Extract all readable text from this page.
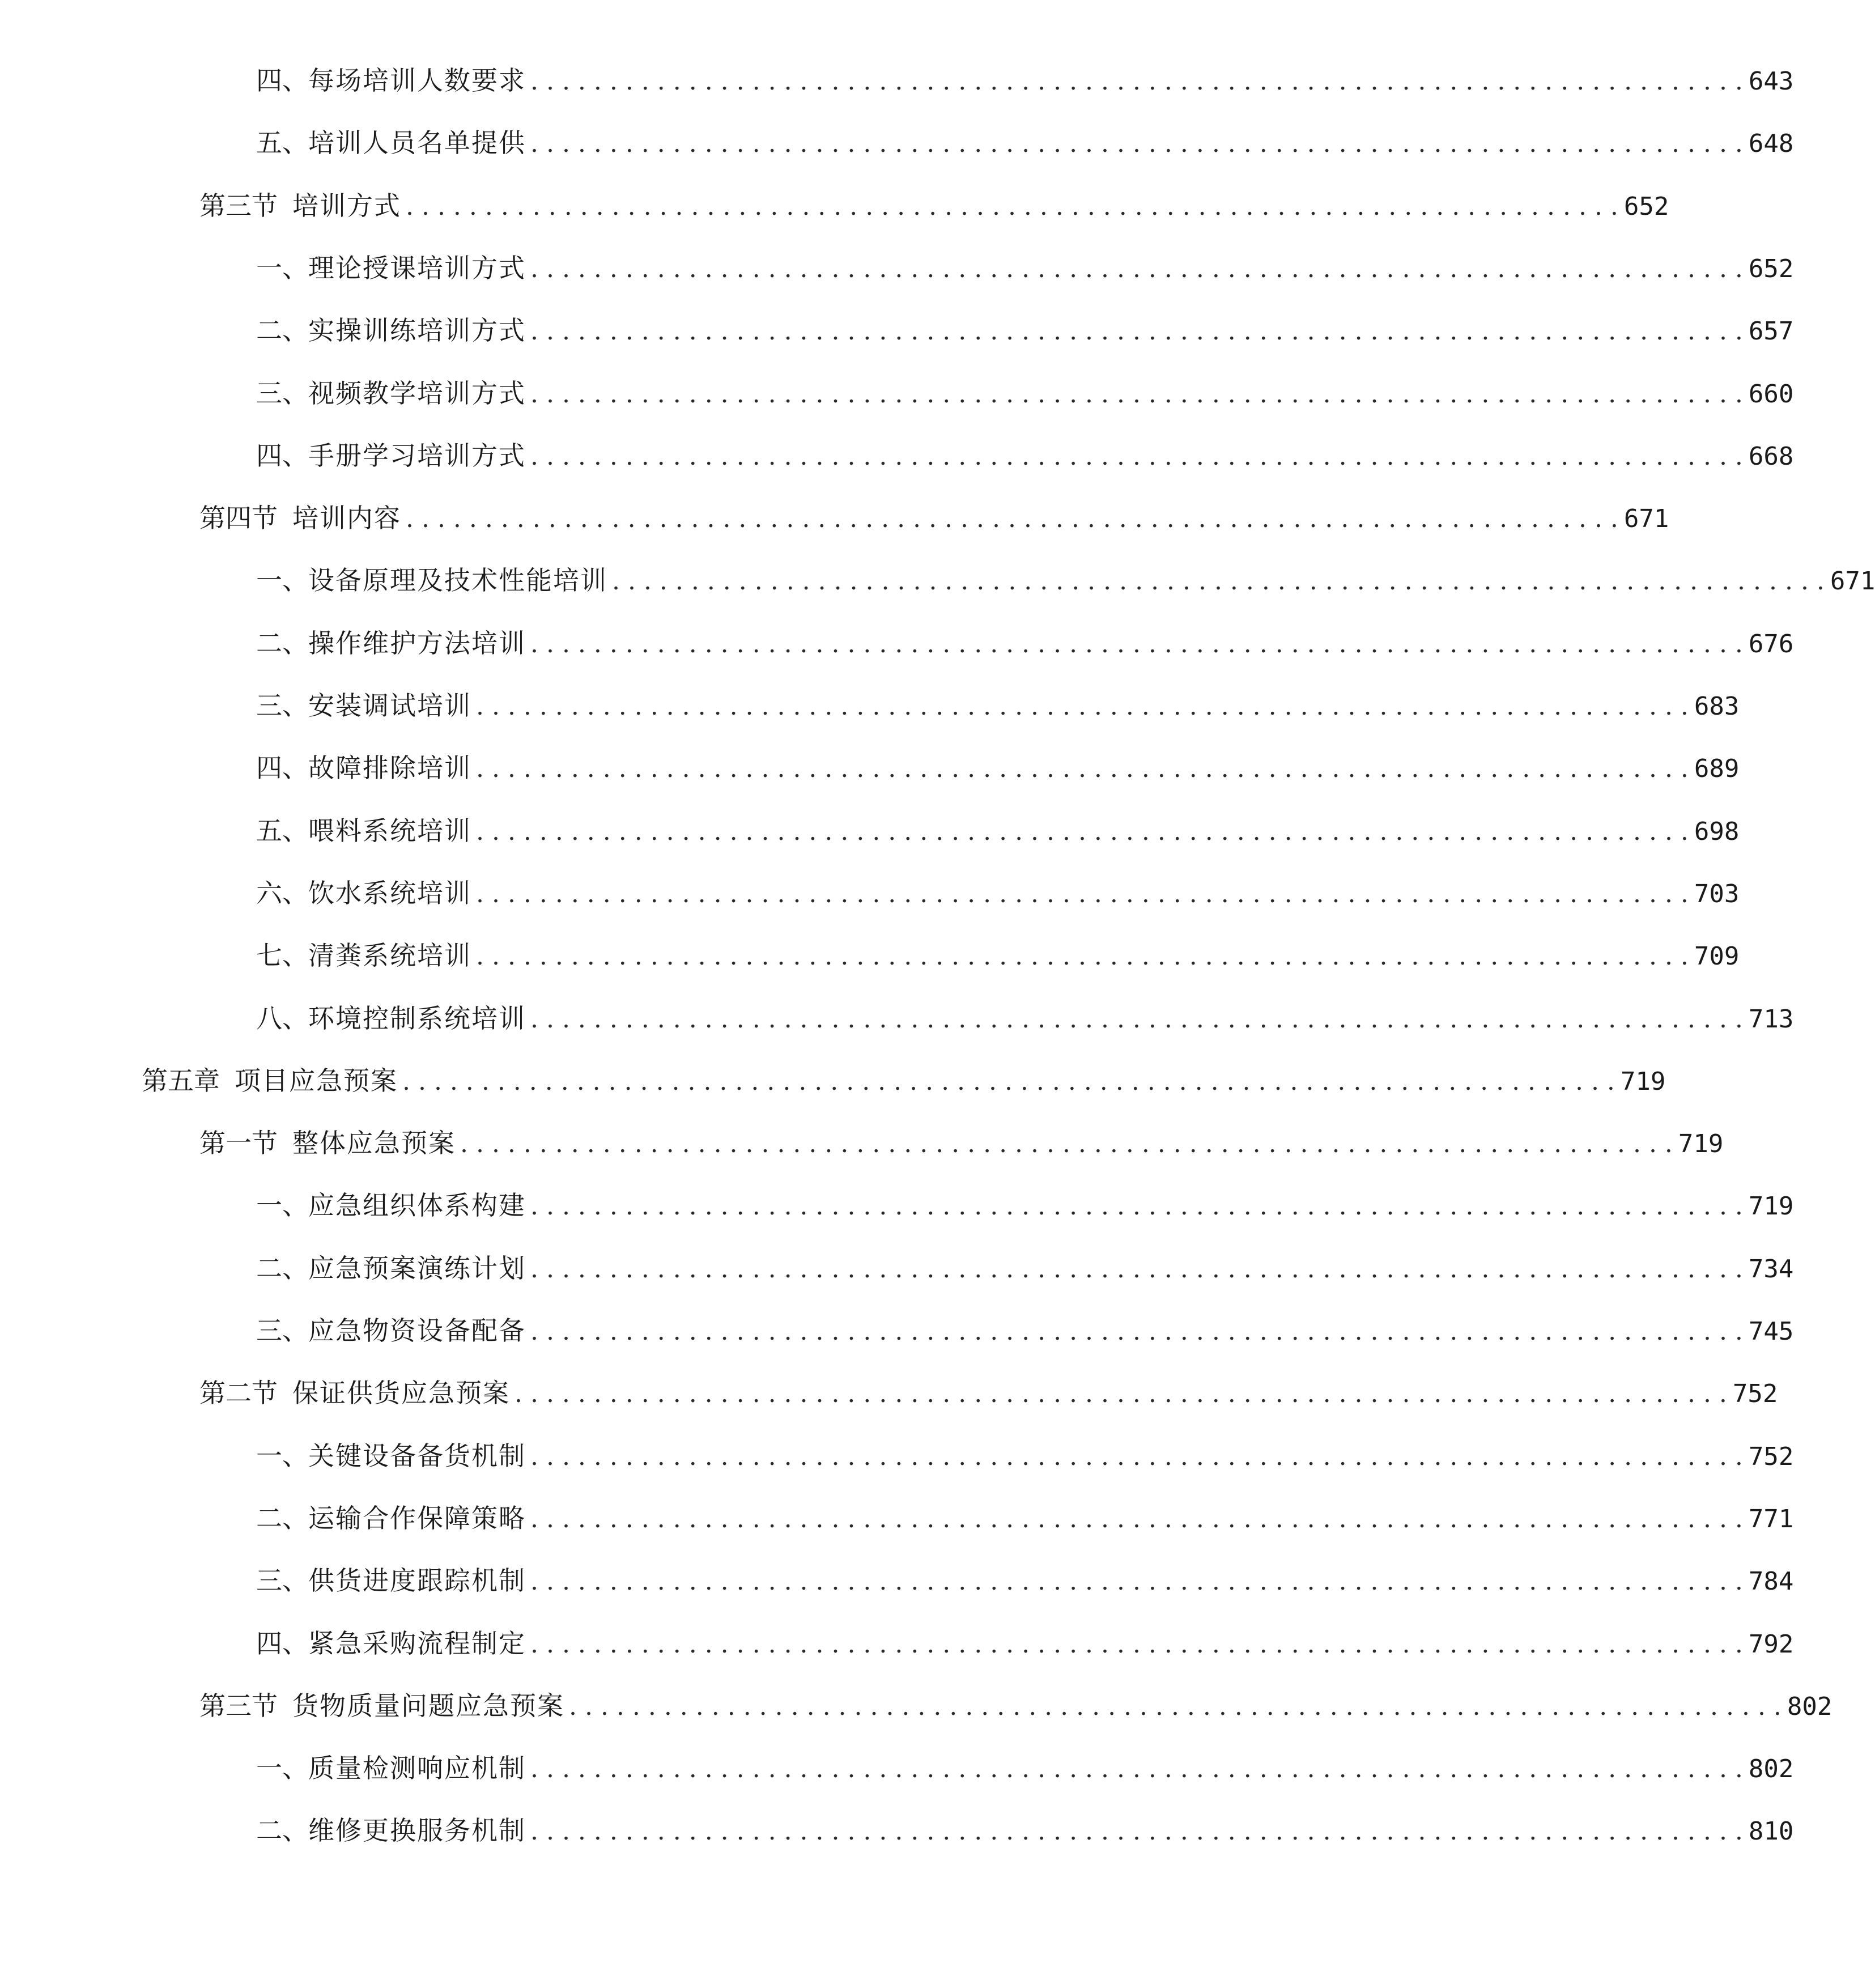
四、 每场培训人数要求 . . . . . . . . . . . . . . . . . . . . . . . . . . . . . . . . . . . . . . . . . . . . . . . . . . . . . . . . . . . . . . . . . . . . . . . . . . . . . 643
五、 培训人员名单提供 . . . . . . . . . . . . . . . . . . . . . . . . . . . . . . . . . . . . . . . . . . . . . . . . . . . . . . . . . . . . . . . . . . . . . . . . . . . . . 648
第三节 培训方式 . . . . . . . . . . . . . . . . . . . . . . . . . . . . . . . . . . . . . . . . . . . . . . . . . . . . . . . . . . . . . . . . . . . . . . . . . . . . . 652
一、 理论授课培训方式 . . . . . . . . . . . . . . . . . . . . . . . . . . . . . . . . . . . . . . . . . . . . . . . . . . . . . . . . . . . . . . . . . . . . . . . . . . . . . 652
二、 实操训练培训方式 . . . . . . . . . . . . . . . . . . . . . . . . . . . . . . . . . . . . . . . . . . . . . . . . . . . . . . . . . . . . . . . . . . . . . . . . . . . . . 657
三、 视频教学培训方式 . . . . . . . . . . . . . . . . . . . . . . . . . . . . . . . . . . . . . . . . . . . . . . . . . . . . . . . . . . . . . . . . . . . . . . . . . . . . . 660
四、 手册学习培训方式 . . . . . . . . . . . . . . . . . . . . . . . . . . . . . . . . . . . . . . . . . . . . . . . . . . . . . . . . . . . . . . . . . . . . . . . . . . . . . 668
第四节 培训内容 . . . . . . . . . . . . . . . . . . . . . . . . . . . . . . . . . . . . . . . . . . . . . . . . . . . . . . . . . . . . . . . . . . . . . . . . . . . . . 671
一、 设备原理及技术性能培训 . . . . . . . . . . . . . . . . . . . . . . . . . . . . . . . . . . . . . . . . . . . . . . . . . . . . . . . . . . . . . . . . . . . . . . . . . . . . . 671
二、 操作维护方法培训 . . . . . . . . . . . . . . . . . . . . . . . . . . . . . . . . . . . . . . . . . . . . . . . . . . . . . . . . . . . . . . . . . . . . . . . . . . . . . 676
三、 安装调试培训 . . . . . . . . . . . . . . . . . . . . . . . . . . . . . . . . . . . . . . . . . . . . . . . . . . . . . . . . . . . . . . . . . . . . . . . . . . . . . 683
四、 故障排除培训 . . . . . . . . . . . . . . . . . . . . . . . . . . . . . . . . . . . . . . . . . . . . . . . . . . . . . . . . . . . . . . . . . . . . . . . . . . . . . 689
五、 喂料系统培训 . . . . . . . . . . . . . . . . . . . . . . . . . . . . . . . . . . . . . . . . . . . . . . . . . . . . . . . . . . . . . . . . . . . . . . . . . . . . . 698
六、 饮水系统培训 . . . . . . . . . . . . . . . . . . . . . . . . . . . . . . . . . . . . . . . . . . . . . . . . . . . . . . . . . . . . . . . . . . . . . . . . . . . . . 703
七、 清粪系统培训 . . . . . . . . . . . . . . . . . . . . . . . . . . . . . . . . . . . . . . . . . . . . . . . . . . . . . . . . . . . . . . . . . . . . . . . . . . . . . 709
八、 环境控制系统培训 . . . . . . . . . . . . . . . . . . . . . . . . . . . . . . . . . . . . . . . . . . . . . . . . . . . . . . . . . . . . . . . . . . . . . . . . . . . . . 713
第五章 项目应急预案 . . . . . . . . . . . . . . . . . . . . . . . . . . . . . . . . . . . . . . . . . . . . . . . . . . . . . . . . . . . . . . . . . . . . . . . . . . . . . 719
第一节 整体应急预案 . . . . . . . . . . . . . . . . . . . . . . . . . . . . . . . . . . . . . . . . . . . . . . . . . . . . . . . . . . . . . . . . . . . . . . . . . . . . . 719
一、 应急组织体系构建 . . . . . . . . . . . . . . . . . . . . . . . . . . . . . . . . . . . . . . . . . . . . . . . . . . . . . . . . . . . . . . . . . . . . . . . . . . . . . 719
二、 应急预案演练计划 . . . . . . . . . . . . . . . . . . . . . . . . . . . . . . . . . . . . . . . . . . . . . . . . . . . . . . . . . . . . . . . . . . . . . . . . . . . . . 734
三、 应急物资设备配备 . . . . . . . . . . . . . . . . . . . . . . . . . . . . . . . . . . . . . . . . . . . . . . . . . . . . . . . . . . . . . . . . . . . . . . . . . . . . . 745
第二节 保证供货应急预案 . . . . . . . . . . . . . . . . . . . . . . . . . . . . . . . . . . . . . . . . . . . . . . . . . . . . . . . . . . . . . . . . . . . . . . . . . . . . . 752
一、 关键设备备货机制 . . . . . . . . . . . . . . . . . . . . . . . . . . . . . . . . . . . . . . . . . . . . . . . . . . . . . . . . . . . . . . . . . . . . . . . . . . . . . 752
二、 运输合作保障策略 . . . . . . . . . . . . . . . . . . . . . . . . . . . . . . . . . . . . . . . . . . . . . . . . . . . . . . . . . . . . . . . . . . . . . . . . . . . . . 771
三、 供货进度跟踪机制 . . . . . . . . . . . . . . . . . . . . . . . . . . . . . . . . . . . . . . . . . . . . . . . . . . . . . . . . . . . . . . . . . . . . . . . . . . . . . 784
四、 紧急采购流程制定 . . . . . . . . . . . . . . . . . . . . . . . . . . . . . . . . . . . . . . . . . . . . . . . . . . . . . . . . . . . . . . . . . . . . . . . . . . . . . 792
第三节 货物质量问题应急预案 . . . . . . . . . . . . . . . . . . . . . . . . . . . . . . . . . . . . . . . . . . . . . . . . . . . . . . . . . . . . . . . . . . . . . . . . . . . . . 802
一、 质量检测响应机制 . . . . . . . . . . . . . . . . . . . . . . . . . . . . . . . . . . . . . . . . . . . . . . . . . . . . . . . . . . . . . . . . . . . . . . . . . . . . . 802
二、 维修更换服务机制 . . . . . . . . . . . . . . . . . . . . . . . . . . . . . . . . . . . . . . . . . . . . . . . . . . . . . . . . . . . . . . . . . . . . . . . . . . . . . 810
